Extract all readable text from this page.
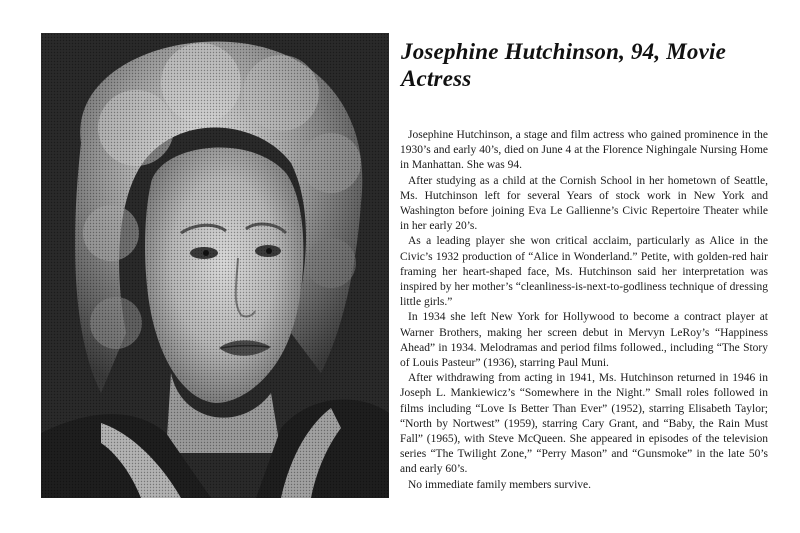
Josephine Hutchinson, 94, Movie Actress

Josephine Hutchinson, a stage and film actress who gained prominence in the 1930’s and early 40’s, died on June 4 at the Florence Nighingale Nursing Home in Manhattan. She was 94.

After studying as a child at the Cornish School in her hometown of Seattle, Ms. Hutchinson left for several Years of stock work in New York and Washington before joining Eva Le Gallienne’s Civic Repertoire Theater while in her early 20’s.

As a leading player she won critical acclaim, particularly as Alice in the Civic’s 1932 production of “Alice in Wonderland.” Petite, with golden-red hair framing her heart-shaped face, Ms. Hutchinson said her interpretation was inspired by her mother’s “cleanliness-is-next-to-godliness technique of dressing little girls.”

In 1934 she left New York for Hollywood to become a contract player at Warner Brothers, making her screen debut in Mervyn LeRoy’s “Happiness Ahead” in 1934. Melodramas and period films followed., including “The Story of Louis Pasteur” (1936), starring Paul Muni.

After withdrawing from acting in 1941, Ms. Hutchinson returned in 1946 in Joseph L. Mankiewicz’s “Somewhere in the Night.” Small roles followed in films including “Love Is Better Than Ever” (1952), starring Elisabeth Taylor; “North by Nortwest” (1959), starring Cary Grant, and “Baby, the Rain Must Fall” (1965), with Steve McQueen. She appeared in episodes of the television series “The Twilight Zone,” “Perry Mason” and “Gunsmoke” in the late 50’s and early 60’s.

No immediate family members survive.
